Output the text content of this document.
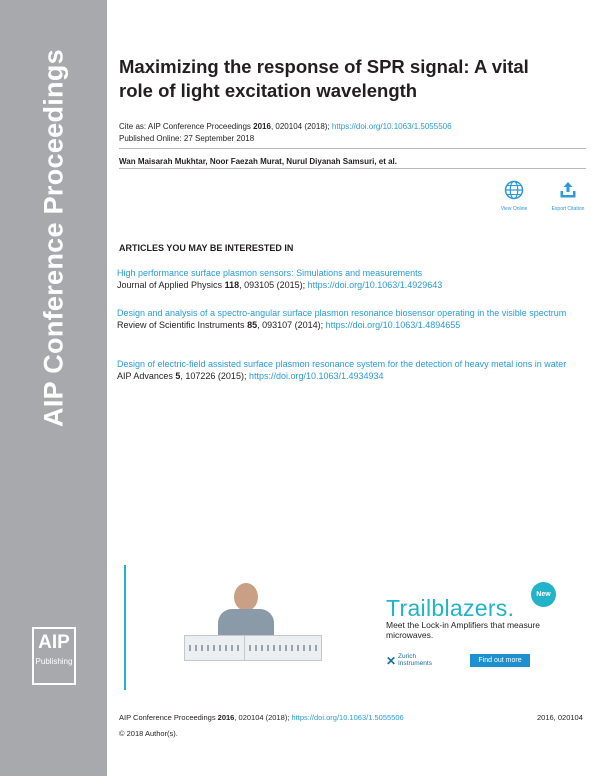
AIP Conference Proceedings
AIP
Publishing
Maximizing the response of SPR signal: A vital role of light excitation wavelength
Cite as: AIP Conference Proceedings 2016, 020104 (2018); https://doi.org/10.1063/1.5055506
Published Online: 27 September 2018
Wan Maisarah Mukhtar, Noor Faezah Murat, Nurul Diyanah Samsuri, et al.
View Online	Export Citation
ARTICLES YOU MAY BE INTERESTED IN
High performance surface plasmon sensors: Simulations and measurements
Journal of Applied Physics 118, 093105 (2015); https://doi.org/10.1063/1.4929643
Design and analysis of a spectro-angular surface plasmon resonance biosensor operating in the visible spectrum
Review of Scientific Instruments 85, 093107 (2014); https://doi.org/10.1063/1.4894655
Design of electric-field assisted surface plasmon resonance system for the detection of heavy metal ions in water
AIP Advances 5, 107226 (2015); https://doi.org/10.1063/1.4934934
Trailblazers.
Meet the Lock-in Amplifiers that measure microwaves.
New
✕ Zurich
Instruments	Find out more
AIP Conference Proceedings 2016, 020104 (2018); https://doi.org/10.1063/1.5055506	2016, 020104
© 2018 Author(s).
